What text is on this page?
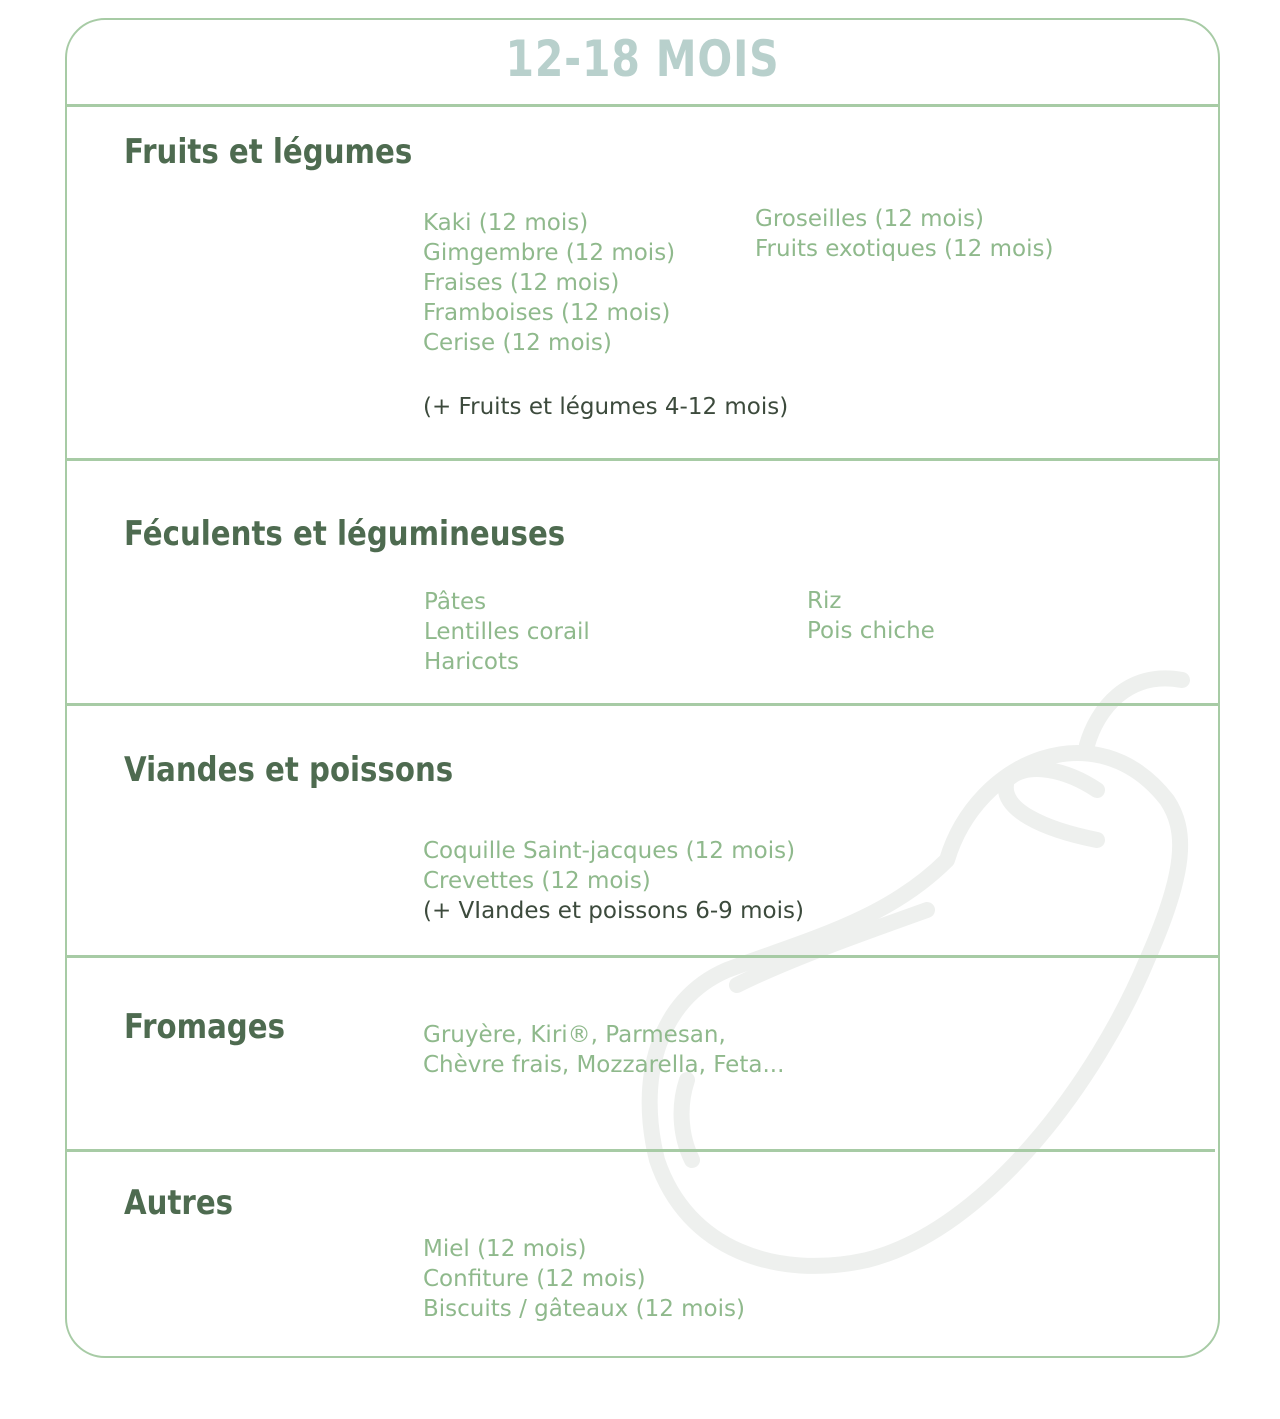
12-18 MOIS
Fruits et légumes
Kaki (12 mois)
Gimgembre (12 mois)
Fraises (12 mois)
Framboises (12 mois)
Cerise (12 mois)
Groseilles (12 mois)
Fruits exotiques (12 mois)
(+ Fruits et légumes 4-12 mois)
Féculents et légumineuses
Pâtes
Lentilles corail
Haricots
Riz
Pois chiche
Viandes et poissons
Coquille Saint-jacques (12 mois)
Crevettes (12 mois)
(+ VIandes et poissons 6-9 mois)
Fromages	Gruyère, Kiri®, Parmesan,
Chèvre frais, Mozzarella, Feta...
Autres
Miel (12 mois)
Confiture (12 mois)
Biscuits / gâteaux (12 mois)
